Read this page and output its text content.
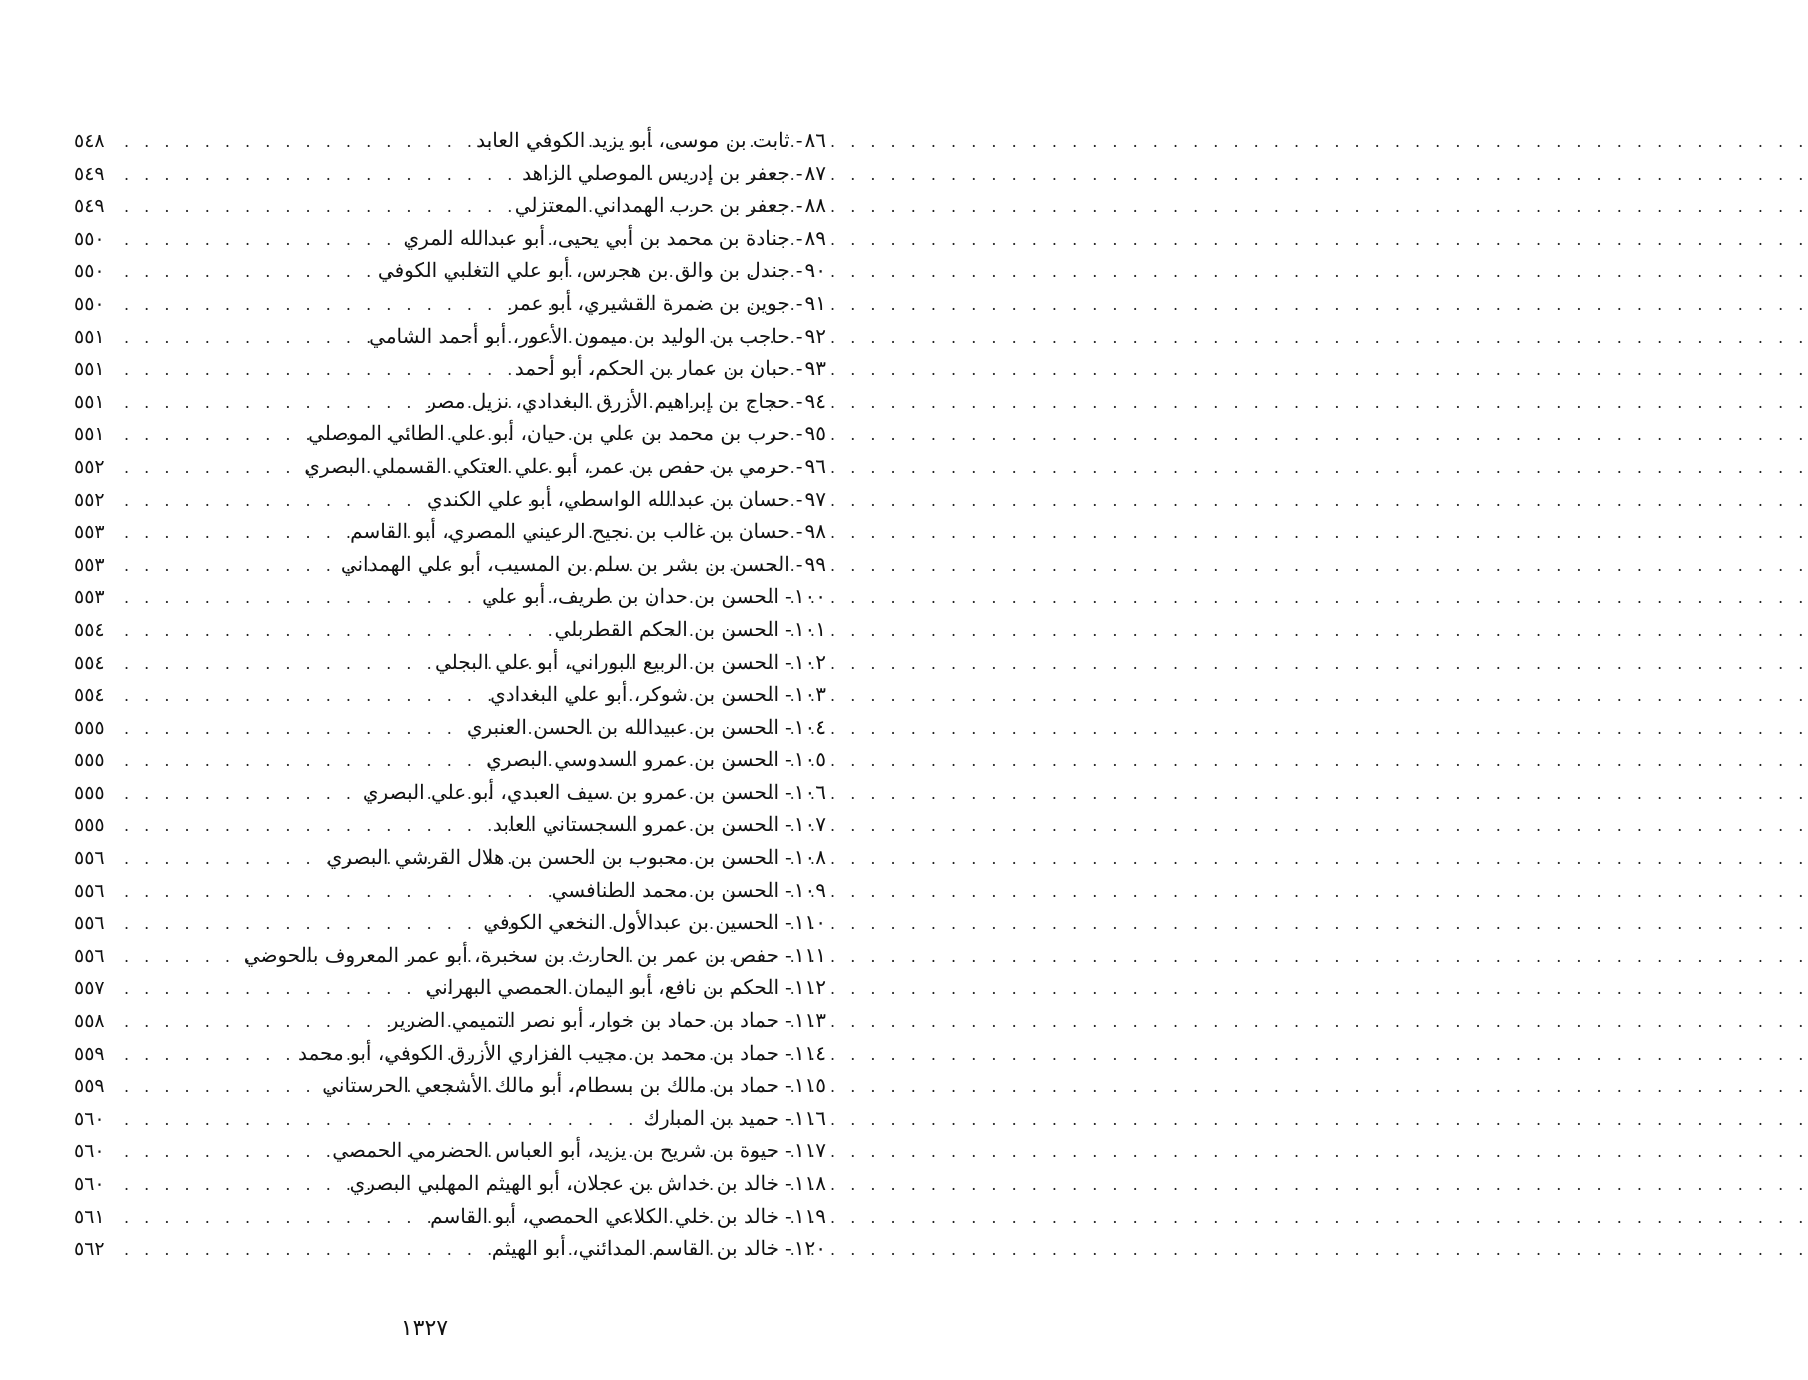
٨٦
-
ثابت بن موسى، أبو يزيد الكوفي العابد
. . .
٥٤٨
٨٧
-
جعفر بن إدريس الموصلي الزاهد
. . .
٥٤٩
٨٨
-
جعفر بن حرب الهمداني المعتزلي
. . .
٥٤٩
٨٩
-
جنادة بن محمد بن أبي يحيى، أبو عبدالله المري
. . .
٥٥٠
٩٠
-
جندل بن والق بن هجرس، أبو علي التغلبي الكوفي
. . .
٥٥٠
٩١
-
جوين بن ضمرة القشيري، أبو عمر
. . .
٥٥٠
٩٢
-
حاجب بن الوليد بن ميمون الأعور، أبو أحمد الشامي
. . .
٥٥١
٩٣
-
حبان بن عمار بن الحكم، أبو أحمد
. . .
٥٥١
٩٤
-
حجاج بن إبراهيم الأزرق البغدادي، نزيل مصر
. . .
٥٥١
٩٥
-
حرب بن محمد بن علي بن حيان، أبو علي الطائي الموصلي
. . .
٥٥١
٩٦
-
حرمي بن حفص بن عمر، أبو علي العتكي القسملي البصري
. . .
٥٥٢
٩٧
-
حسان بن عبدالله الواسطي، أبو علي الكندي
. . .
٥٥٢
٩٨
-
حسان بن غالب بن نجيح الرعيني المصري، أبو القاسم
. . .
٥٥٣
٩٩
-
الحسن بن بشر بن سلم بن المسيب، أبو علي الهمداني
. . .
٥٥٣
١٠٠
-
الحسن بن حدان بن طريف، أبو علي
. . .
٥٥٣
١٠١
-
الحسن بن الحكم القطربلي
. . .
٥٥٤
١٠٢
-
الحسن بن الربيع البوراني، أبو علي البجلي
. . .
٥٥٤
١٠٣
-
الحسن بن شوكر، أبو علي البغدادي
. . .
٥٥٤
١٠٤
-
الحسن بن عبيدالله بن الحسن العنبري
. . .
٥٥٥
١٠٥
-
الحسن بن عمرو السدوسي البصري
. . .
٥٥٥
١٠٦
-
الحسن بن عمرو بن سيف العبدي، أبو علي البصري
. . .
٥٥٥
١٠٧
-
الحسن بن عمرو السجستاني العابد
. . .
٥٥٥
١٠٨
-
الحسن بن محبوب بن الحسن بن هلال القرشي البصري
. . .
٥٥٦
١٠٩
-
الحسن بن محمد الطنافسي
. . .
٥٥٦
١١٠
-
الحسين بن عبدالأول النخعي الكوفي
. . .
٥٥٦
١١١
-
حفص بن عمر بن الحارث بن سخبرة، أبو عمر المعروف بالحوضي
. . .
٥٥٦
١١٢
-
الحكم بن نافع، أبو اليمان الحمصي البهراني
. . .
٥٥٧
١١٣
-
حماد بن حماد بن خوار، أبو نصر التميمي الضرير
. . .
٥٥٨
١١٤
-
حماد بن محمد بن مجيب الفزاري الأزرق الكوفي، أبو محمد
. . .
٥٥٩
١١٥
-
حماد بن مالك بن بسطام، أبو مالك الأشجعي الحرستاني
. . .
٥٥٩
١١٦
-
حميد بن المبارك
. . .
٥٦٠
١١٧
-
حيوة بن شريح بن يزيد، أبو العباس الحضرمي الحمصي
. . .
٥٦٠
١١٨
-
خالد بن خداش بن عجلان، أبو الهيثم المهلبي البصري
. . .
٥٦٠
١١٩
-
خالد بن خلي الكلاعي الحمصي، أبو القاسم
. . .
٥٦١
١٢٠
-
خالد بن القاسم المدائني، أبو الهيثم
. . .
٥٦٢
١٣٢٧
